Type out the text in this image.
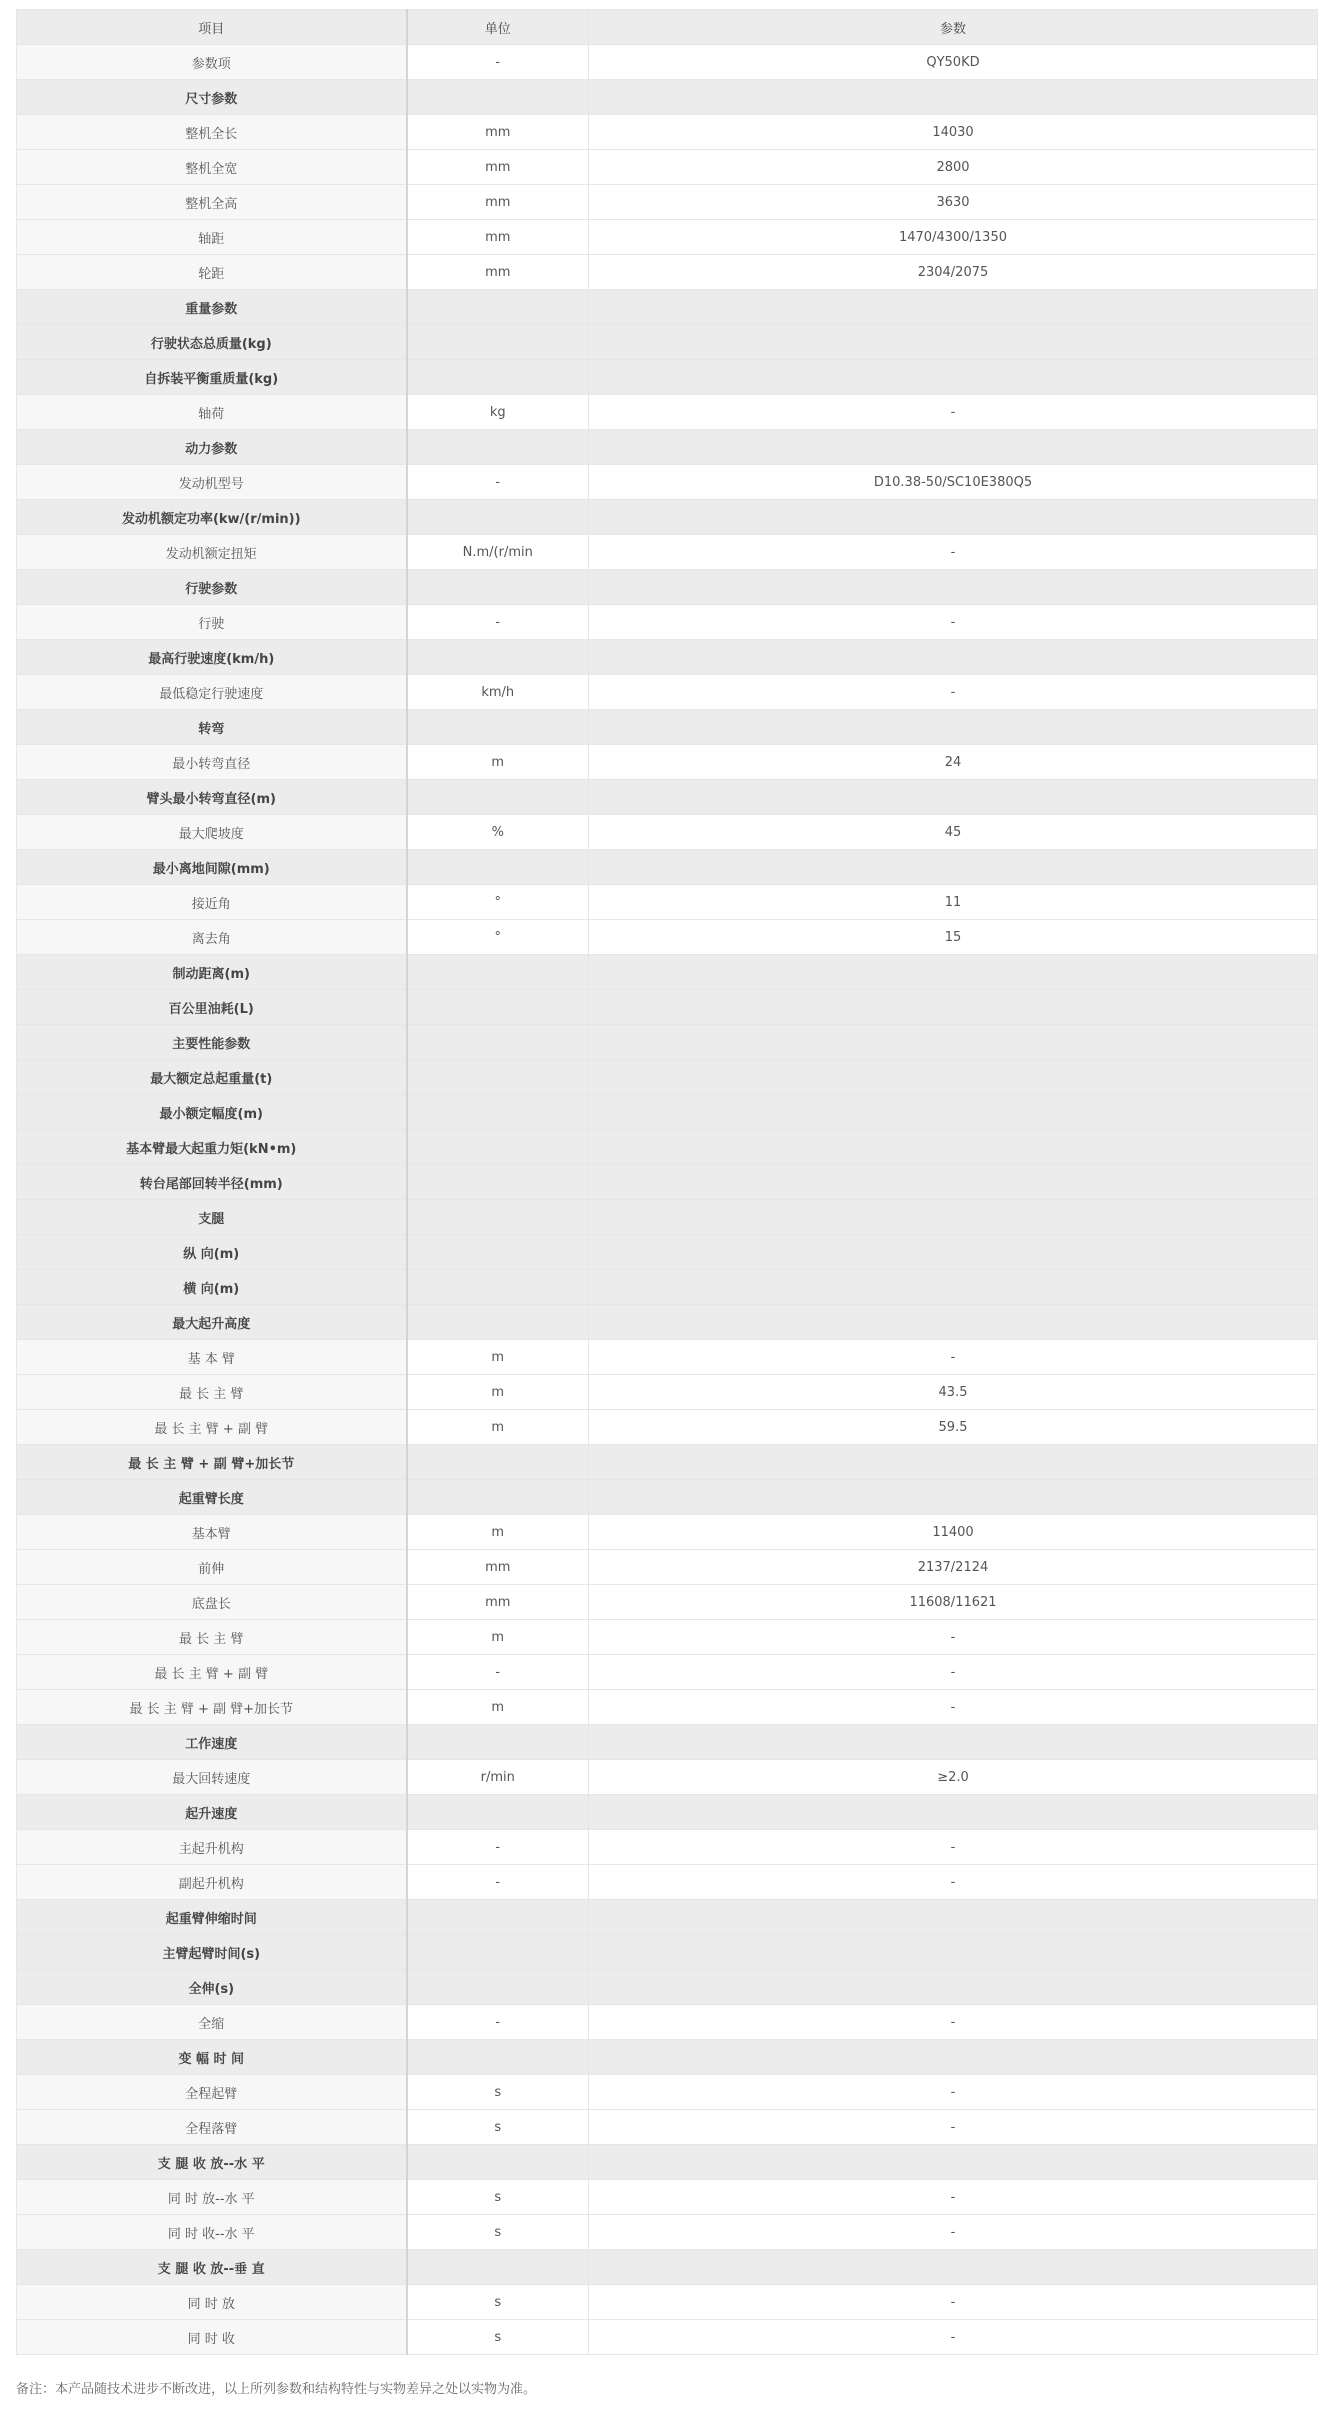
项目	单位	参数
参数项	-	QY50KD
尺寸参数		
整机全长	mm	14030
整机全宽	mm	2800
整机全高	mm	3630
轴距	mm	1470/4300/1350
轮距	mm	2304/2075
重量参数		
行驶状态总质量(kg)		
自拆装平衡重质量(kg)		
轴荷	kg	-
动力参数		
发动机型号	-	D10.38-50/SC10E380Q5
发动机额定功率(kw/(r/min))		
发动机额定扭矩	N.m/(r/min	-
行驶参数		
行驶	-	-
最高行驶速度(km/h)		
最低稳定行驶速度	km/h	-
转弯		
最小转弯直径	m	24
臂头最小转弯直径(m)		
最大爬坡度	%	45
最小离地间隙(mm)		
接近角	°	11
离去角	°	15
制动距离(m)		
百公里油耗(L)		
主要性能参数		
最大额定总起重量(t)		
最小额定幅度(m)		
基本臂最大起重力矩(kN•m)		
转台尾部回转半径(mm)		
支腿		
纵 向(m)		
横 向(m)		
最大起升高度		
基 本 臂	m	-
最 长 主 臂	m	43.5
最 长 主 臂 + 副 臂	m	59.5
最 长 主 臂 + 副 臂+加长节		
起重臂长度		
基本臂	m	11400
前伸	mm	2137/2124
底盘长	mm	11608/11621
最 长 主 臂	m	-
最 长 主 臂 + 副 臂	-	-
最 长 主 臂 + 副 臂+加长节	m	-
工作速度		
最大回转速度	r/min	≥2.0
起升速度		
主起升机构	-	-
副起升机构	-	-
起重臂伸缩时间		
主臂起臂时间(s)		
全伸(s)		
全缩	-	-
变 幅 时 间		
全程起臂	s	-
全程落臂	s	-
支 腿 收 放--水 平		
同 时 放--水 平	s	-
同 时 收--水 平	s	-
支 腿 收 放--垂 直		
同 时 放	s	-
同 时 收	s	-
备注：本产品随技术进步不断改进，以上所列参数和结构特性与实物差异之处以实物为准。
